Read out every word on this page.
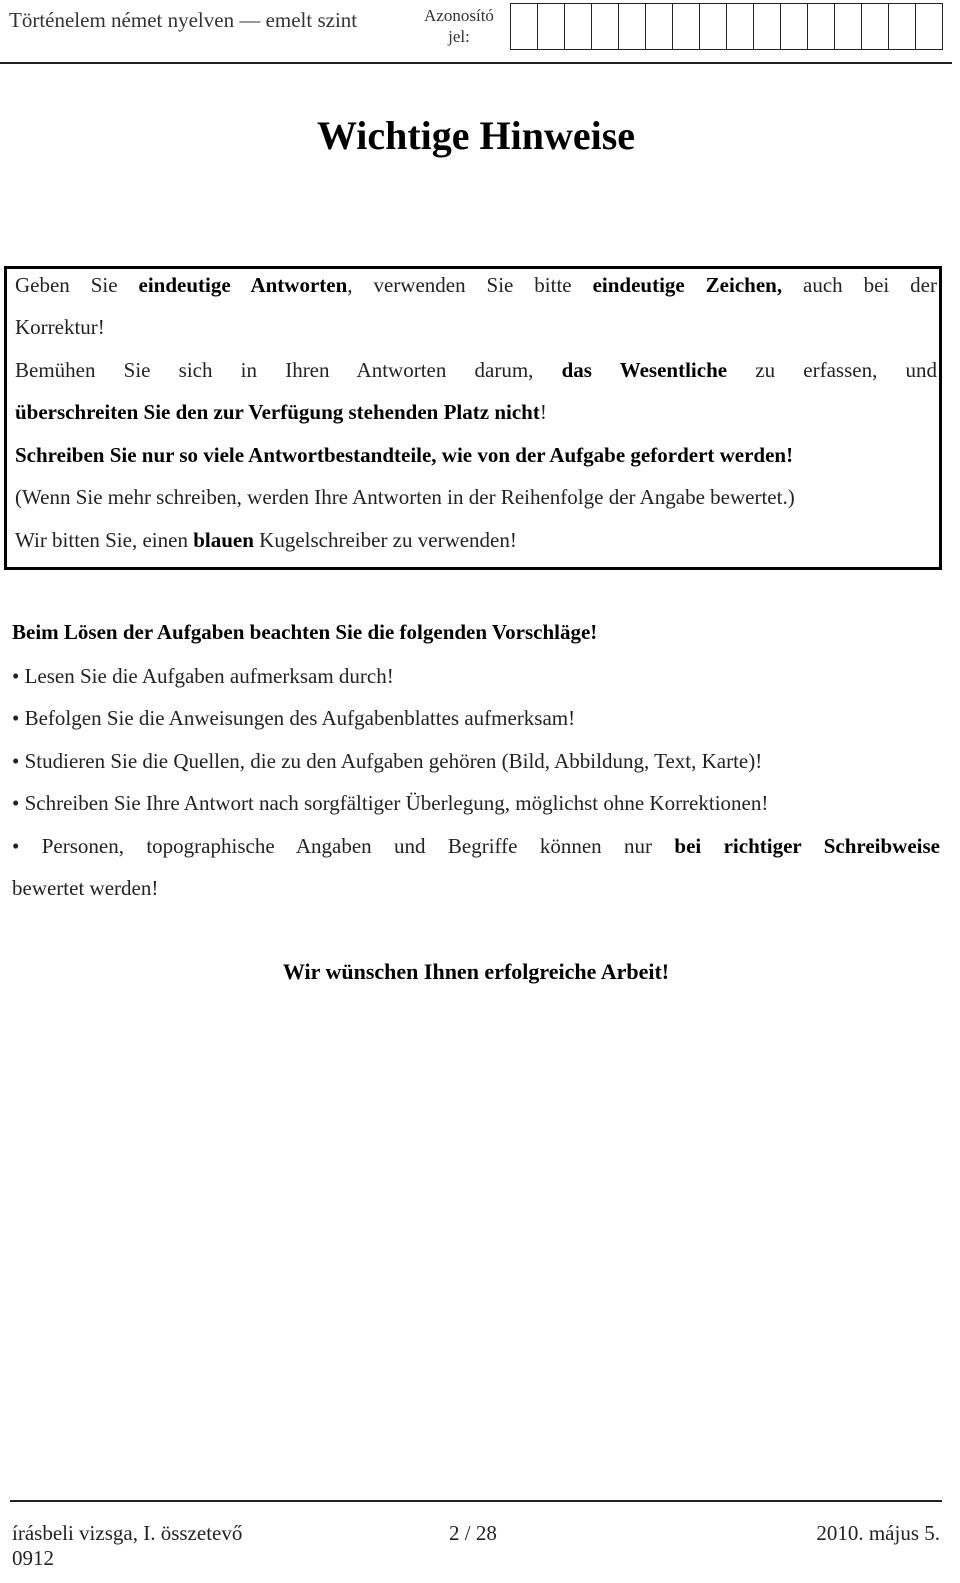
Történelem német nyelven — emelt szint	Azonosító jel:
Wichtige Hinweise
Geben Sie eindeutige Antworten, verwenden Sie bitte eindeutige Zeichen, auch bei der
Korrektur!
Bemühen Sie sich in Ihren Antworten darum, das Wesentliche zu erfassen, und
überschreiten Sie den zur Verfügung stehenden Platz nicht!
Schreiben Sie nur so viele Antwortbestandteile, wie von der Aufgabe gefordert werden!
(Wenn Sie mehr schreiben, werden Ihre Antworten in der Reihenfolge der Angabe bewertet.)
Wir bitten Sie, einen blauen Kugelschreiber zu verwenden!
Beim Lösen der Aufgaben beachten Sie die folgenden Vorschläge!
• Lesen Sie die Aufgaben aufmerksam durch!
• Befolgen Sie die Anweisungen des Aufgabenblattes aufmerksam!
• Studieren Sie die Quellen, die zu den Aufgaben gehören (Bild, Abbildung, Text, Karte)!
• Schreiben Sie Ihre Antwort nach sorgfältiger Überlegung, möglichst ohne Korrektionen!
• Personen, topographische Angaben und Begriffe können nur bei richtiger Schreibweise
bewertet werden!
Wir wünschen Ihnen erfolgreiche Arbeit!
írásbeli vizsga, I. összetevő
0912
2 / 28	2010. május 5.
